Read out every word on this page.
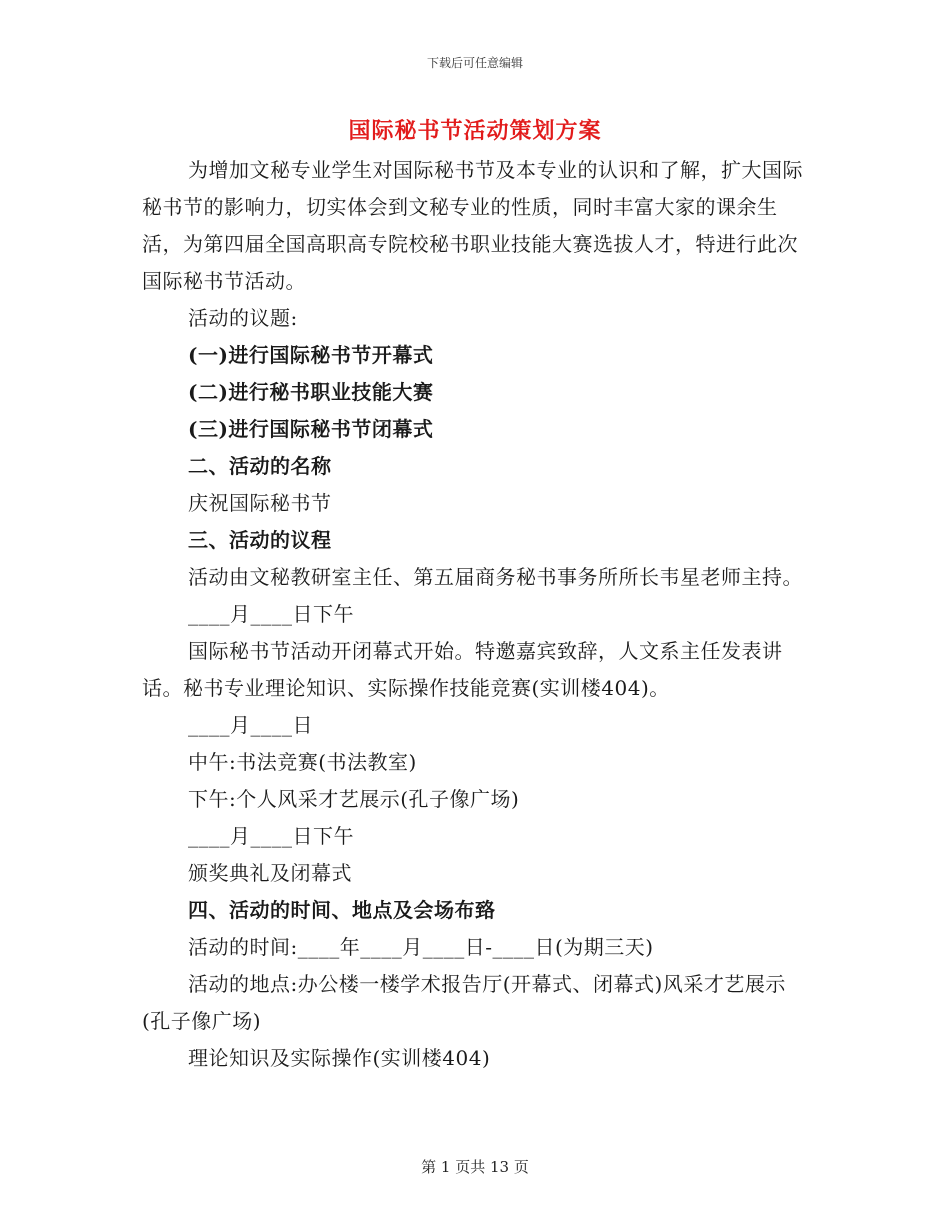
下载后可任意编辑
国际秘书节活动策划方案

为增加文秘专业学生对国际秘书节及本专业的认识和了解，扩大国际秘书节的影响力，切实体会到文秘专业的性质，同时丰富大家的课余生活，为第四届全国高职高专院校秘书职业技能大赛选拔人才，特进行此次国际秘书节活动。

活动的议题:

(一)进行国际秘书节开幕式

(二)进行秘书职业技能大赛

(三)进行国际秘书节闭幕式

二、活动的名称

庆祝国际秘书节

三、活动的议程

活动由文秘教研室主任、第五届商务秘书事务所所长韦星老师主持。

____月____日下午

国际秘书节活动开闭幕式开始。特邀嘉宾致辞，人文系主任发表讲话。秘书专业理论知识、实际操作技能竞赛(实训楼404)。

____月____日

中午:书法竞赛(书法教室)

下午:个人风采才艺展示(孔子像广场)

____月____日下午

颁奖典礼及闭幕式

四、活动的时间、地点及会场布臵

活动的时间:____年____月____日-____日(为期三天)

活动的地点:办公楼一楼学术报告厅(开幕式、闭幕式)风采才艺展示(孔子像广场)

理论知识及实际操作(实训楼404)

第 1 页共 13 页
